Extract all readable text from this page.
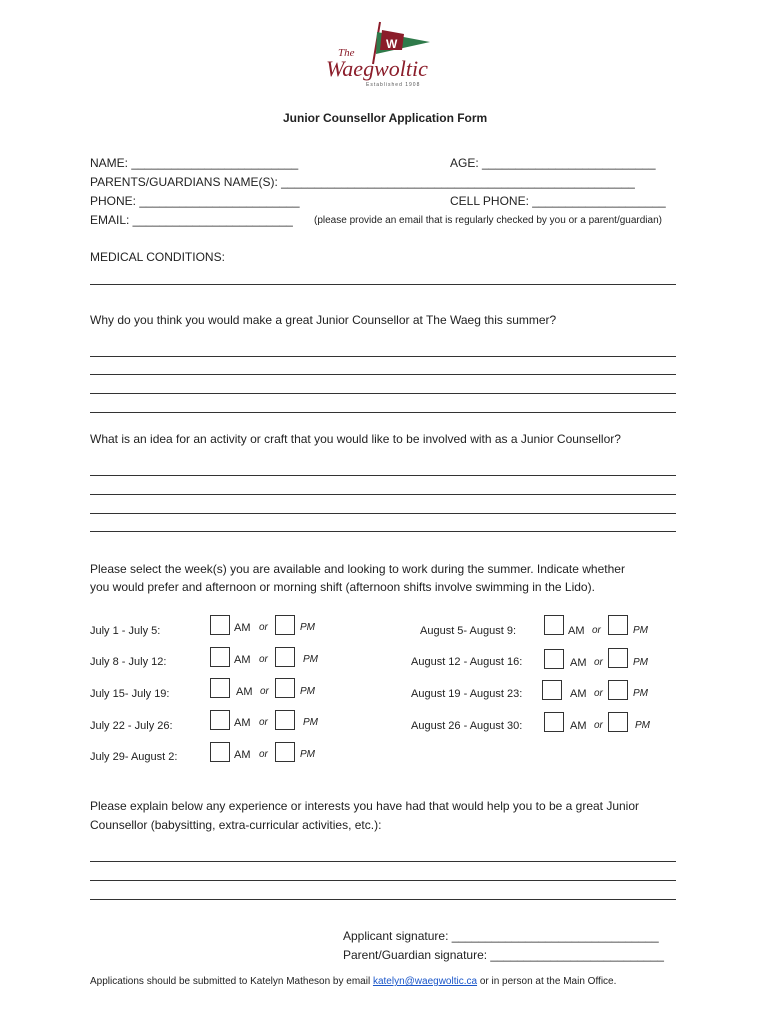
W
The
Waegwoltic
Established 1908
Junior Counsellor Application Form
NAME: _________________________	AGE: __________________________
PARENTS/GUARDIANS NAME(S): _____________________________________________________
PHONE: ________________________	CELL PHONE: ____________________
EMAIL: ________________________ (please provide an email that is regularly checked by you or a parent/guardian)
MEDICAL CONDITIONS:
Why do you think you would make a great Junior Counsellor at The Waeg this summer?
What is an idea for an activity or craft that you would like to be involved with as a Junior Counsellor?
Please select the week(s) you are available and looking to work during the summer. Indicate whether
you would prefer and afternoon or morning shift (afternoon shifts involve swimming in the Lido).
July 1 - July 5:	AM or	PM
July 8 - July 12:	AM or	PM
July 15- July 19:	AM or	PM
July 22 - July 26:	AM or	PM
July 29- August 2:	AM or	PM
August 5- August 9:	AM or	PM
August 12 - August 16:	AM or	PM
August 19 - August 23:	AM or	PM
August 26 - August 30:	AM or	PM
Please explain below any experience or interests you have had that would help you to be a great Junior
Counsellor (babysitting, extra-curricular activities, etc.):
Applicant signature: _______________________________
Parent/Guardian signature: __________________________
Applications should be submitted to Katelyn Matheson by email katelyn@waegwoltic.ca or in person at the Main Office.
